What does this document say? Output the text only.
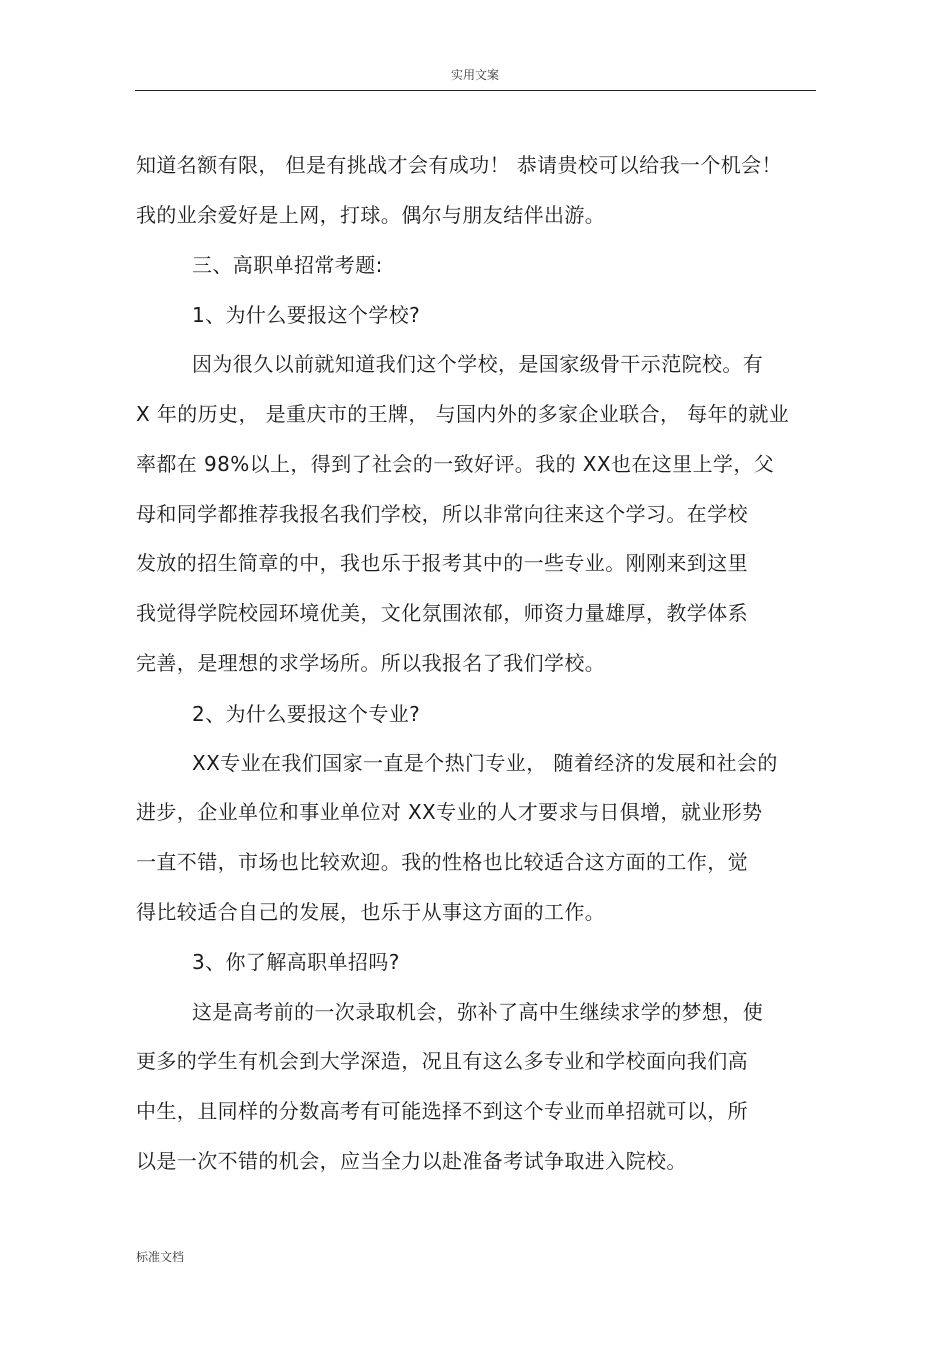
实用文案
知道名额有限， 但是有挑战才会有成功！ 恭请贵校可以给我一个机会！
我的业余爱好是上网，打球。偶尔与朋友结伴出游。
三、高职单招常考题:
1、为什么要报这个学校?
因为很久以前就知道我们这个学校，是国家级骨干示范院校。有
X 年的历史， 是重庆市的王牌， 与国内外的多家企业联合， 每年的就业
率都在 98%以上，得到了社会的一致好评。我的 XX也在这里上学，父
母和同学都推荐我报名我们学校，所以非常向往来这个学习。在学校
发放的招生简章的中，我也乐于报考其中的一些专业。刚刚来到这里
我觉得学院校园环境优美，文化氛围浓郁，师资力量雄厚，教学体系
完善，是理想的求学场所。所以我报名了我们学校。
2、为什么要报这个专业?
XX专业在我们国家一直是个热门专业， 随着经济的发展和社会的
进步，企业单位和事业单位对 XX专业的人才要求与日俱增，就业形势
一直不错，市场也比较欢迎。我的性格也比较适合这方面的工作，觉
得比较适合自己的发展，也乐于从事这方面的工作。
3、你了解高职单招吗?
这是高考前的一次录取机会，弥补了高中生继续求学的梦想，使
更多的学生有机会到大学深造，况且有这么多专业和学校面向我们高
中生，且同样的分数高考有可能选择不到这个专业而单招就可以，所
以是一次不错的机会，应当全力以赴准备考试争取进入院校。
标准文档
